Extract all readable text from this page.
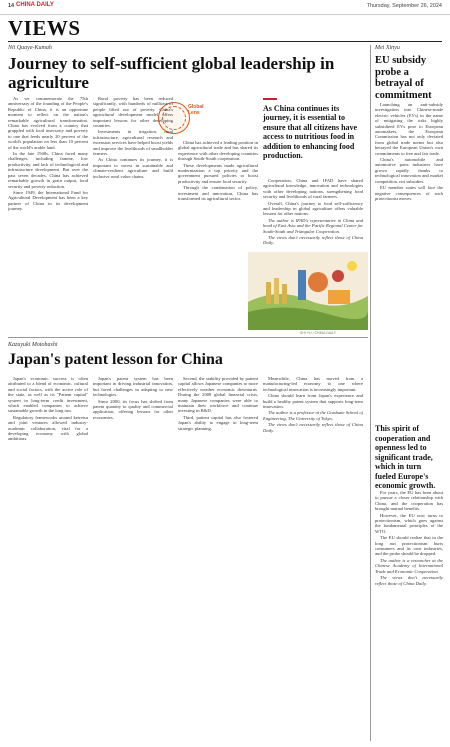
14 CHINA DAILY	Thursday, September 26, 2024
VIEWS
Nii Quaye-Kumah
Journey to self-sufficient global leadership in agriculture
Global Lens

As we commemorate the 75th anniversary of the founding of the People's Republic of China, it is an opportune moment to reflect on the nation's remarkable agricultural transformation. China has evolved from a country that grappled with food insecurity and poverty to one that feeds nearly 20 percent of the world's population on less than 10 percent of the world's arable land.

In the late 1940s, China faced many challenges, including famine, low productivity, and lack of technological and infrastructure development. But over the past seven decades, China has achieved remarkable growth in grain output, food security and poverty reduction.

Since 1949, the International Fund for Agricultural Development has been a key partner of China in its development journey.

Rural poverty has been reduced significantly, with hundreds of millions of people lifted out of poverty. China's agricultural development model offers important lessons for other developing countries.

Investments in irrigation, rural infrastructure, agricultural research and extension services have helped boost yields and improve the livelihoods of smallholder farmers.

As China continues its journey, it is important to invest in sustainable and climate-resilient agriculture and build inclusive rural value chains.

China has achieved a leading position in global agricultural trade and has shared its experience with other developing countries through South-South cooperation.

These developments made agricultural modernization a top priority and the government pursued policies to boost productivity and ensure food security.

Through the combination of policy, investment and innovation, China has transformed its agricultural sector.

As China continues its journey, it is essential to ensure that all citizens have access to nutritious food in addition to enhancing food production.

Cooperation, China and IFAD have shared agricultural knowledge, innovation and technologies with other developing nations, strengthening food security and livelihoods of rural farmers.

Overall, China's journey to food self-sufficiency and leadership in global agriculture offers valuable lessons for other nations.

The author is IFAD's representative in China and head of East Asia and the Pacific Regional Center for South-South and Triangular Cooperation.

The views don't necessarily reflect those of China Daily.

SHI YU / CHINA DAILY
Kazuyuki Motohashi
Japan's patent lesson for China

Japan's economic success is often attributed to a blend of economic, cultural and social factors, with the active role of the state, as well as its "Patient capital" system in long-term credit investment, which enabled companies to achieve sustainable growth in the long run.

Regulatory frameworks around keiretsu and joint ventures allowed industry-academic collaboration, vital for a developing economy with global ambitions.

Japan's patent system has been important in driving industrial innovation, but faced challenges in adapting to new technologies.

Since 2000, its focus has shifted from patent quantity to quality and commercial application, offering lessons for other economies.

Second, the stability provided by patient capital allows Japanese companies to more effectively weather economic downturns. During the 2008 global financial crisis, many Japanese companies were able to maintain their workforce and continue investing in R&D.

Third, patient capital has also fostered Japan's ability to engage in long-term strategic planning.

Meanwhile, China has moved from a manufacturing-led economy to one where technological innovation is increasingly important.

China should learn from Japan's experience and build a healthy patent system that supports long-term innovation.

The author is a professor at the Graduate School of Engineering, The University of Tokyo.

The views don't necessarily reflect those of China Daily.

Mei Xinyu
EU subsidy probe a betrayal of commitment

Launching an anti-subsidy investigation into Chinese-made electric vehicles (EVs) in the name of mitigating the risks highly subsidized EVs pose to European automakers, the European Commission has not only deviated from global trade norms but also betrayed the European Union's own commitments to free and fair trade.

China's automobile and automotive parts industries have grown rapidly thanks to technological innovation and market competition, not subsidies.

EU member states will face the negative consequences of such protectionist moves.

This spirit of cooperation and openness led to significant trade, which in turn fueled Europe's economic growth.

For years, the EU has been about to pursue a closer relationship with China, and the cooperation has brought mutual benefits.

However, the EU now turns to protectionism, which goes against the fundamental principles of the WTO.

The EU should realize that in the long run protectionism hurts consumers and its own industries, and the probe should be dropped.

The author is a researcher at the Chinese Academy of International Trade and Economic Cooperation.

The views don't necessarily reflect those of China Daily.
